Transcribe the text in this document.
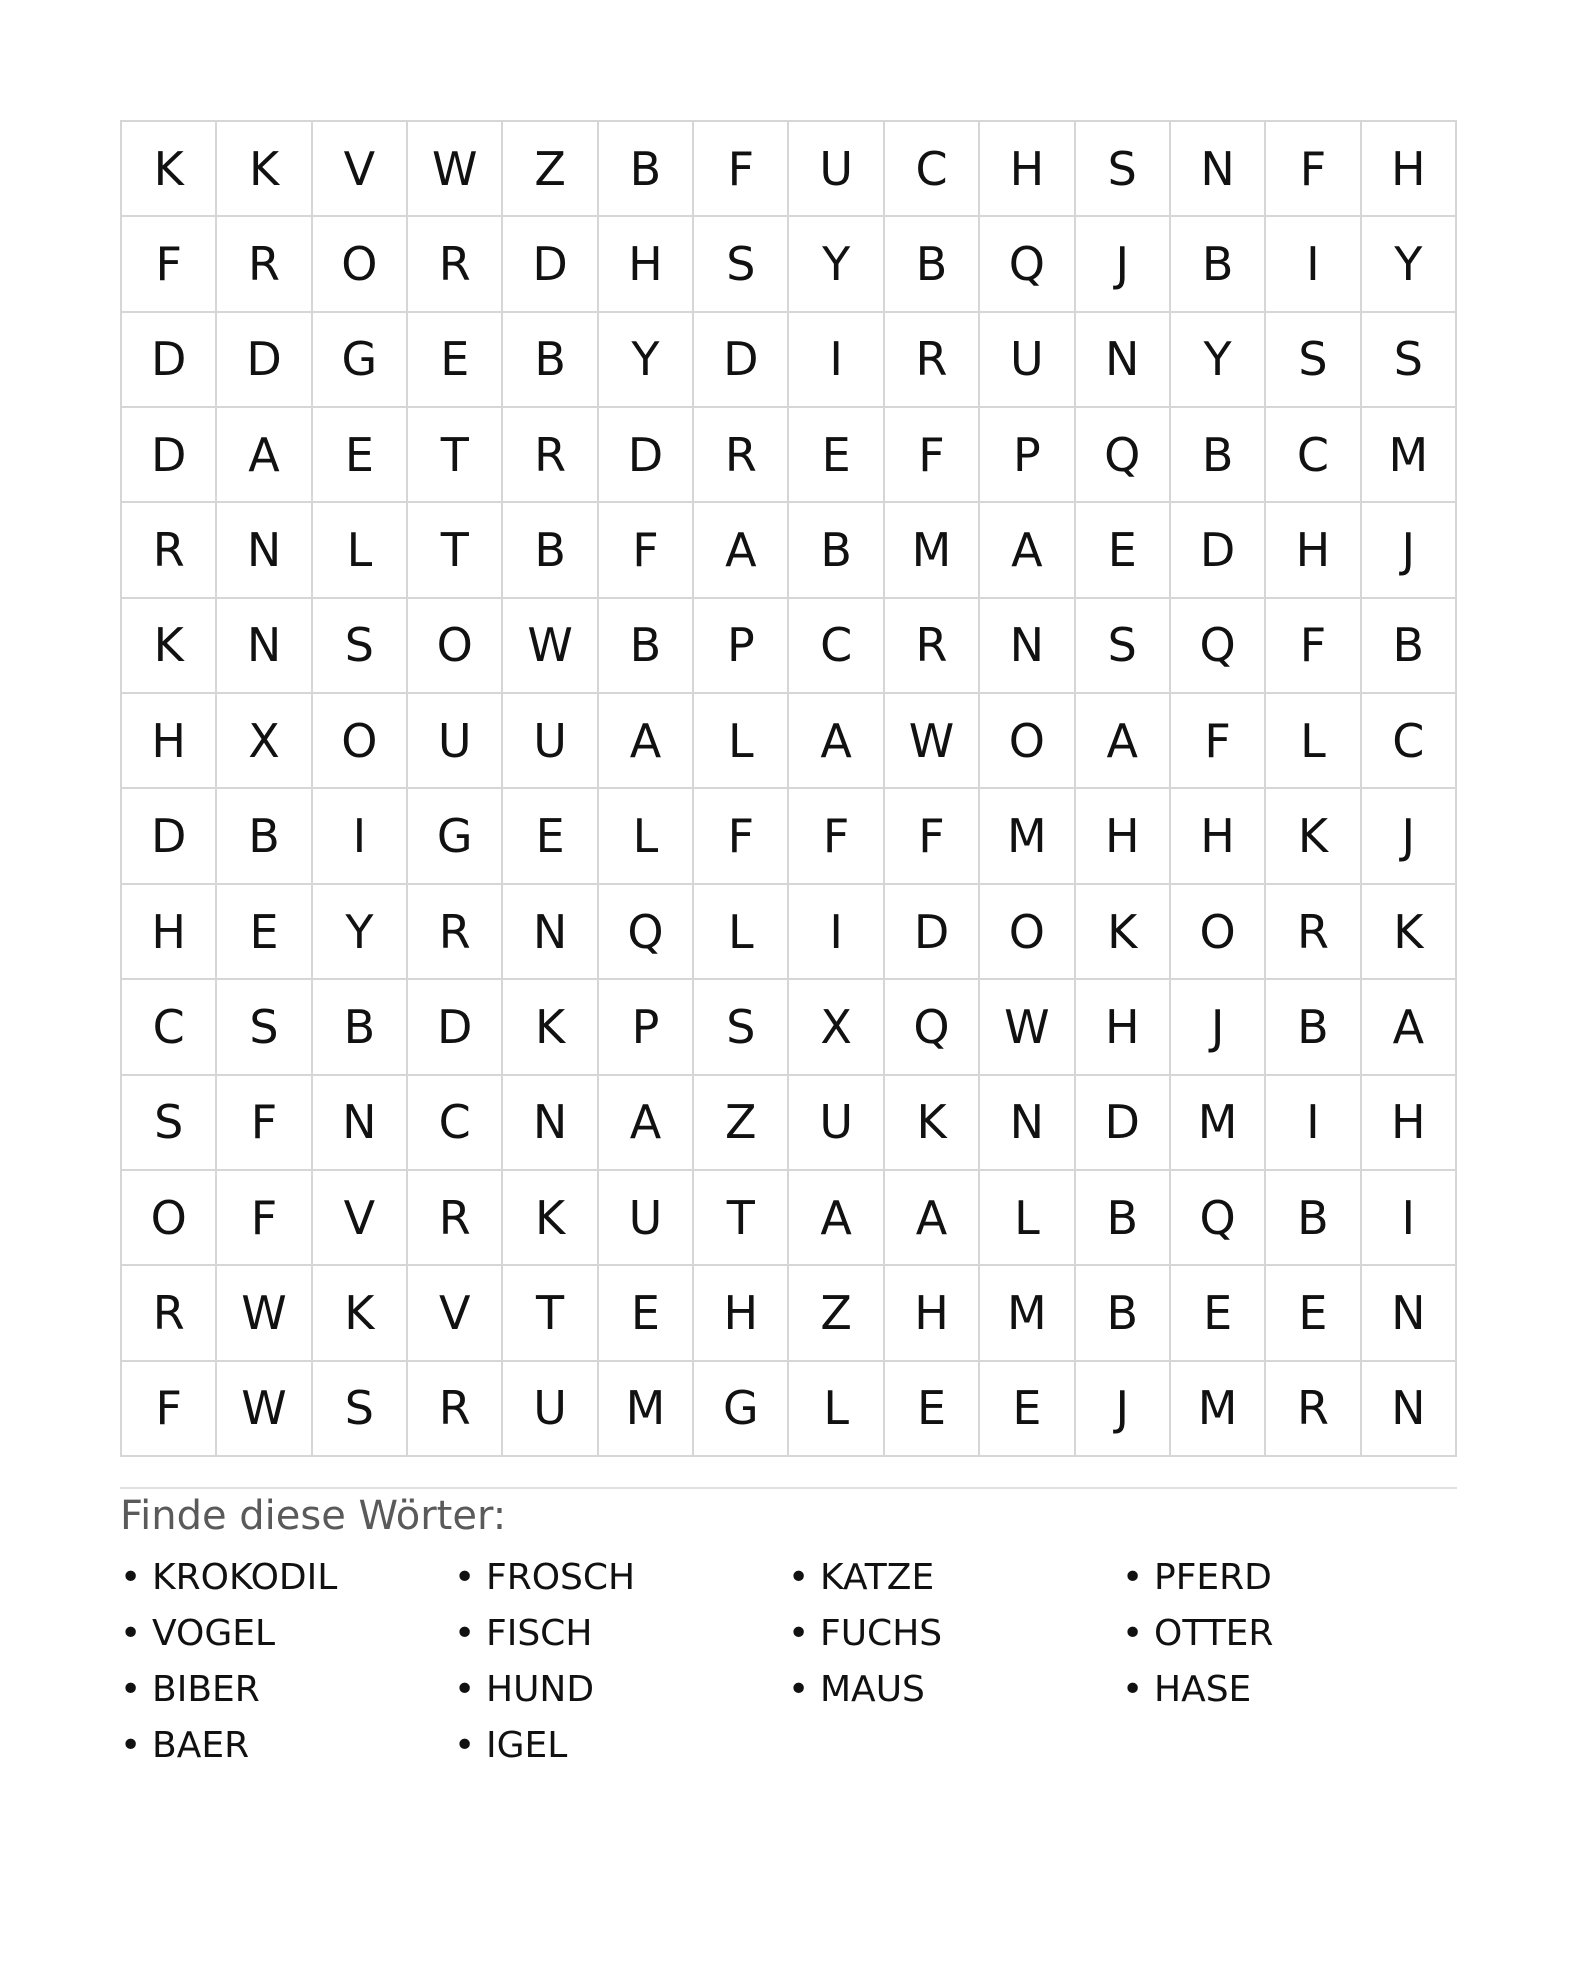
K	K	V	W	Z	B	F	U	C	H	S	N	F	H
F	R	O	R	D	H	S	Y	B	Q	J	B	I	Y
D	D	G	E	B	Y	D	I	R	U	N	Y	S	S
D	A	E	T	R	D	R	E	F	P	Q	B	C	M
R	N	L	T	B	F	A	B	M	A	E	D	H	J
K	N	S	O	W	B	P	C	R	N	S	Q	F	B
H	X	O	U	U	A	L	A	W	O	A	F	L	C
D	B	I	G	E	L	F	F	F	M	H	H	K	J
H	E	Y	R	N	Q	L	I	D	O	K	O	R	K
C	S	B	D	K	P	S	X	Q	W	H	J	B	A
S	F	N	C	N	A	Z	U	K	N	D	M	I	H
O	F	V	R	K	U	T	A	A	L	B	Q	B	I
R	W	K	V	T	E	H	Z	H	M	B	E	E	N
F	W	S	R	U	M	G	L	E	E	J	M	R	N
Finde diese Wörter:
• KROKODIL
• VOGEL
• BIBER
• BAER
• FROSCH
• FISCH
• HUND
• IGEL
• KATZE
• FUCHS
• MAUS
• PFERD
• OTTER
• HASE
